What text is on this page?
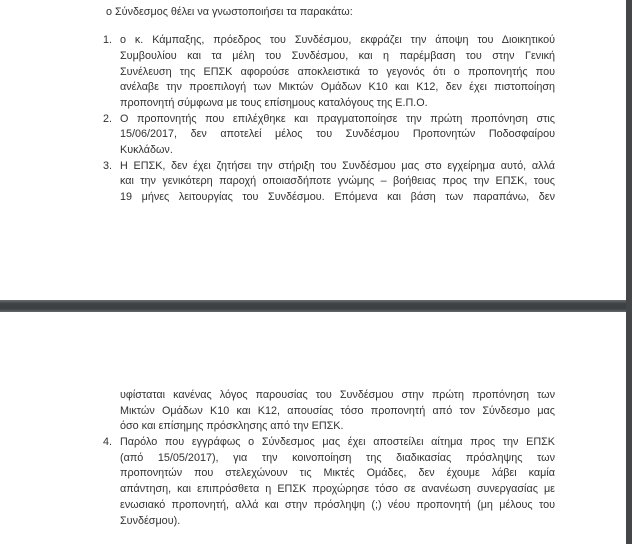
ο Σύνδεσμος θέλει να γνωστοποιήσει τα παρακάτω:

1. ο κ. Κάμπαξης, πρόεδρος του Συνδέσμου, εκφράζει την άποψη του Διοικητικού
Συμβουλίου και τα μέλη του Συνδέσμου, και η παρέμβαση του στην Γενική
Συνέλευση της ΕΠΣΚ αφορούσε αποκλειστικά το γεγονός ότι ο προπονητής που
ανέλαβε την προεπιλογή των Μικτών Ομάδων Κ10 και Κ12, δεν έχει πιστοποίηση
προπονητή σύμφωνα με τους επίσημους καταλόγους της Ε.Π.Ο.
2. Ο προπονητής που επιλέχθηκε και πραγματοποίησε την πρώτη προπόνηση στις
15/06/2017, δεν αποτελεί μέλος του Συνδέσμου Προπονητών Ποδοσφαίρου
Κυκλάδων.
3. Η ΕΠΣΚ, δεν έχει ζητήσει την στήριξη του Συνδέσμου μας στο εγχείρημα αυτό, αλλά
και την γενικότερη παροχή οποιασδήποτε γνώμης – βοήθειας προς την ΕΠΣΚ, τους
19 μήνες λειτουργίας του Συνδέσμου. Επόμενα και βάση των παραπάνω, δεν
υφίσταται κανένας λόγος παρουσίας του Συνδέσμου στην πρώτη προπόνηση των
Μικτών Ομάδων Κ10 και Κ12, απουσίας τόσο προπονητή από τον Σύνδεσμο μας
όσο και επίσημης πρόσκλησης από την ΕΠΣΚ.
4. Παρόλο που εγγράφως ο Σύνδεσμος μας έχει αποστείλει αίτημα προς την ΕΠΣΚ
(από 15/05/2017), για την κοινοποίηση της διαδικασίας πρόσληψης των
προπονητών που στελεχώνουν τις Μικτές Ομάδες, δεν έχουμε λάβει καμία
απάντηση, και επιπρόσθετα η ΕΠΣΚ προχώρησε τόσο σε ανανέωση συνεργασίας με
ενωσιακό προπονητή, αλλά και στην πρόσληψη (;) νέου προπονητή (μη μέλους του
Συνδέσμου).
